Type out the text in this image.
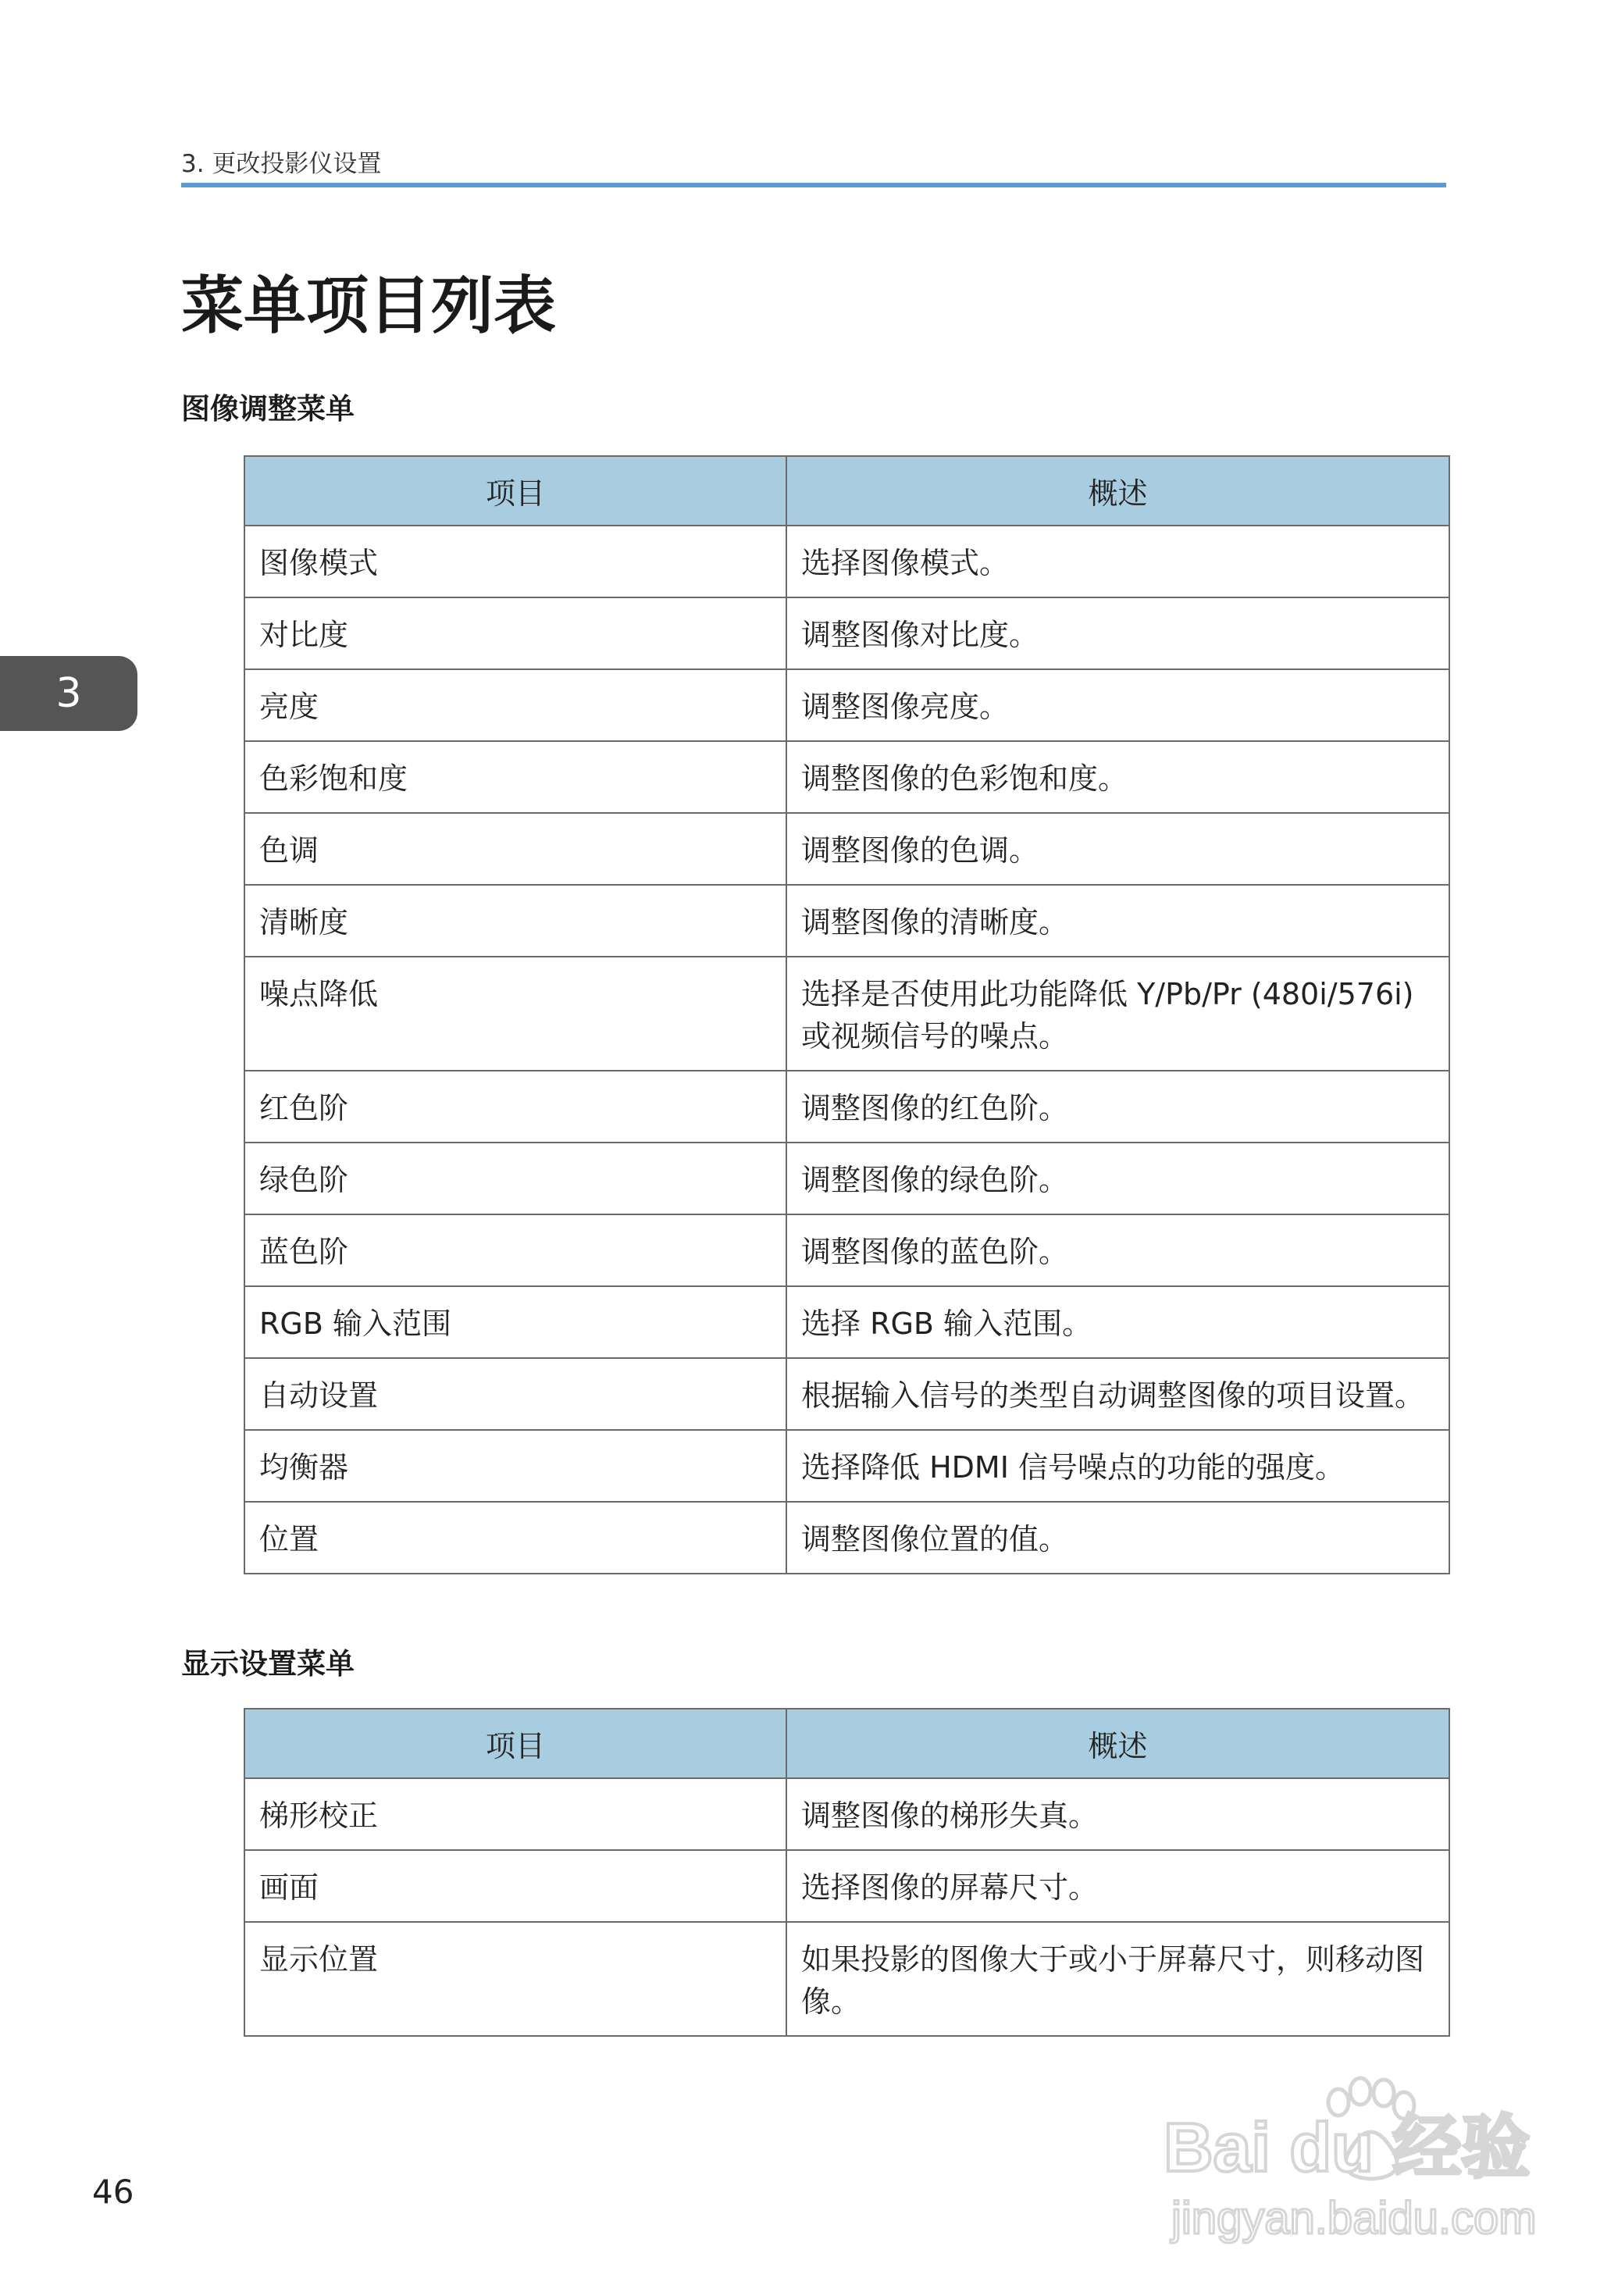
3. 更改投影仪设置
菜单项目列表
图像调整菜单
项目	概述
图像模式	选择图像模式。
对比度	调整图像对比度。
亮度	调整图像亮度。
色彩饱和度	调整图像的色彩饱和度。
色调	调整图像的色调。
清晰度	调整图像的清晰度。
噪点降低	选择是否使用此功能降低 Y/Pb/Pr (480i/576i)或视频信号的噪点。
红色阶	调整图像的红色阶。
绿色阶	调整图像的绿色阶。
蓝色阶	调整图像的蓝色阶。
RGB 输入范围	选择 RGB 输入范围。
自动设置	根据输入信号的类型自动调整图像的项目设置。
均衡器	选择降低 HDMI 信号噪点的功能的强度。
位置	调整图像位置的值。
显示设置菜单
项目	概述
梯形校正	调整图像的梯形失真。
画面	选择图像的屏幕尺寸。
显示位置	如果投影的图像大于或小于屏幕尺寸，则移动图像。
3
46
Bai du 经验
jingyan.baidu.com
